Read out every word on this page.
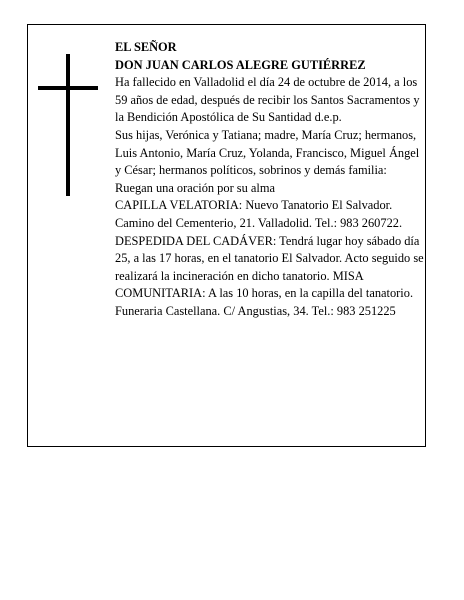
EL SEÑOR

DON JUAN CARLOS ALEGRE GUTIÉRREZ

Ha fallecido en Valladolid el día 24 de octubre de 2014, a los 59 años de edad, después de recibir los Santos Sacramentos y la Bendición Apostólica de Su Santidad d.e.p.

Sus hijas, Verónica y Tatiana; madre, María Cruz; hermanos, Luis Antonio, María Cruz, Yolanda, Francisco, Miguel Ángel y César; hermanos políticos, sobrinos y demás familia:

Ruegan una oración por su alma

CAPILLA VELATORIA: Nuevo Tanatorio El Salvador. Camino del Cementerio, 21. Valladolid. Tel.: 983 260722.

DESPEDIDA DEL CADÁVER: Tendrá lugar hoy sábado día 25, a las 17 horas, en el tanatorio El Salvador. Acto seguido se realizará la incineración en dicho tanatorio. MISA COMUNITARIA: A las 10 horas, en la capilla del tanatorio.

Funeraria Castellana. C/ Angustias, 34. Tel.: 983 251225
